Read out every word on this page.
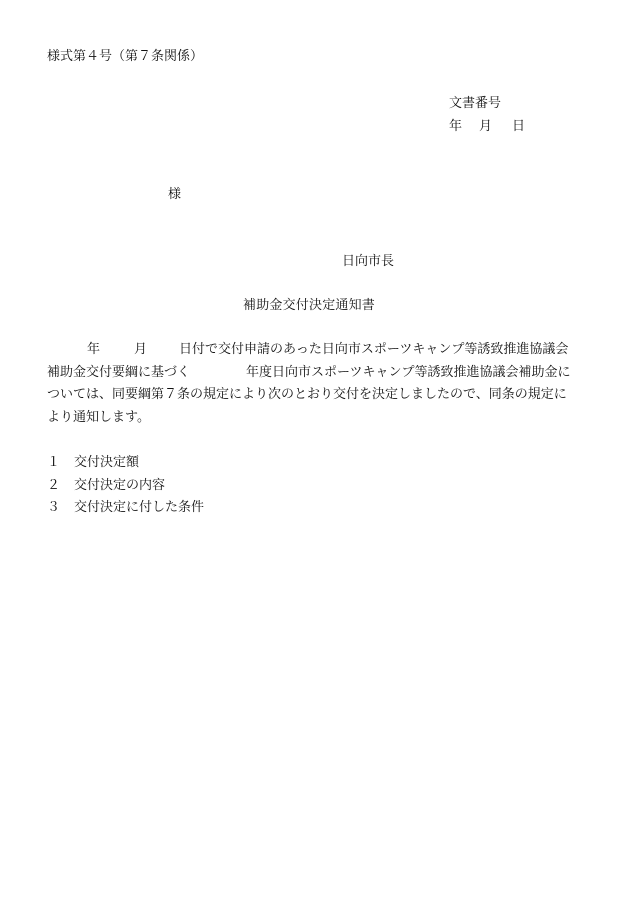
様式第４号（第７条関係）
文書番号
年	月	日
様
日向市長
補助金交付決定通知書
年	月 日付で交付申請のあった日向市スポーツキャンプ等誘致推進協議会
補助金交付要綱に基づく	年度日向市スポーツキャンプ等誘致推進協議会補助金に
ついては、同要綱第７条の規定により次のとおり交付を決定しましたので、同条の規定に
より通知します。
１	交付決定額
２	交付決定の内容
３	交付決定に付した条件
